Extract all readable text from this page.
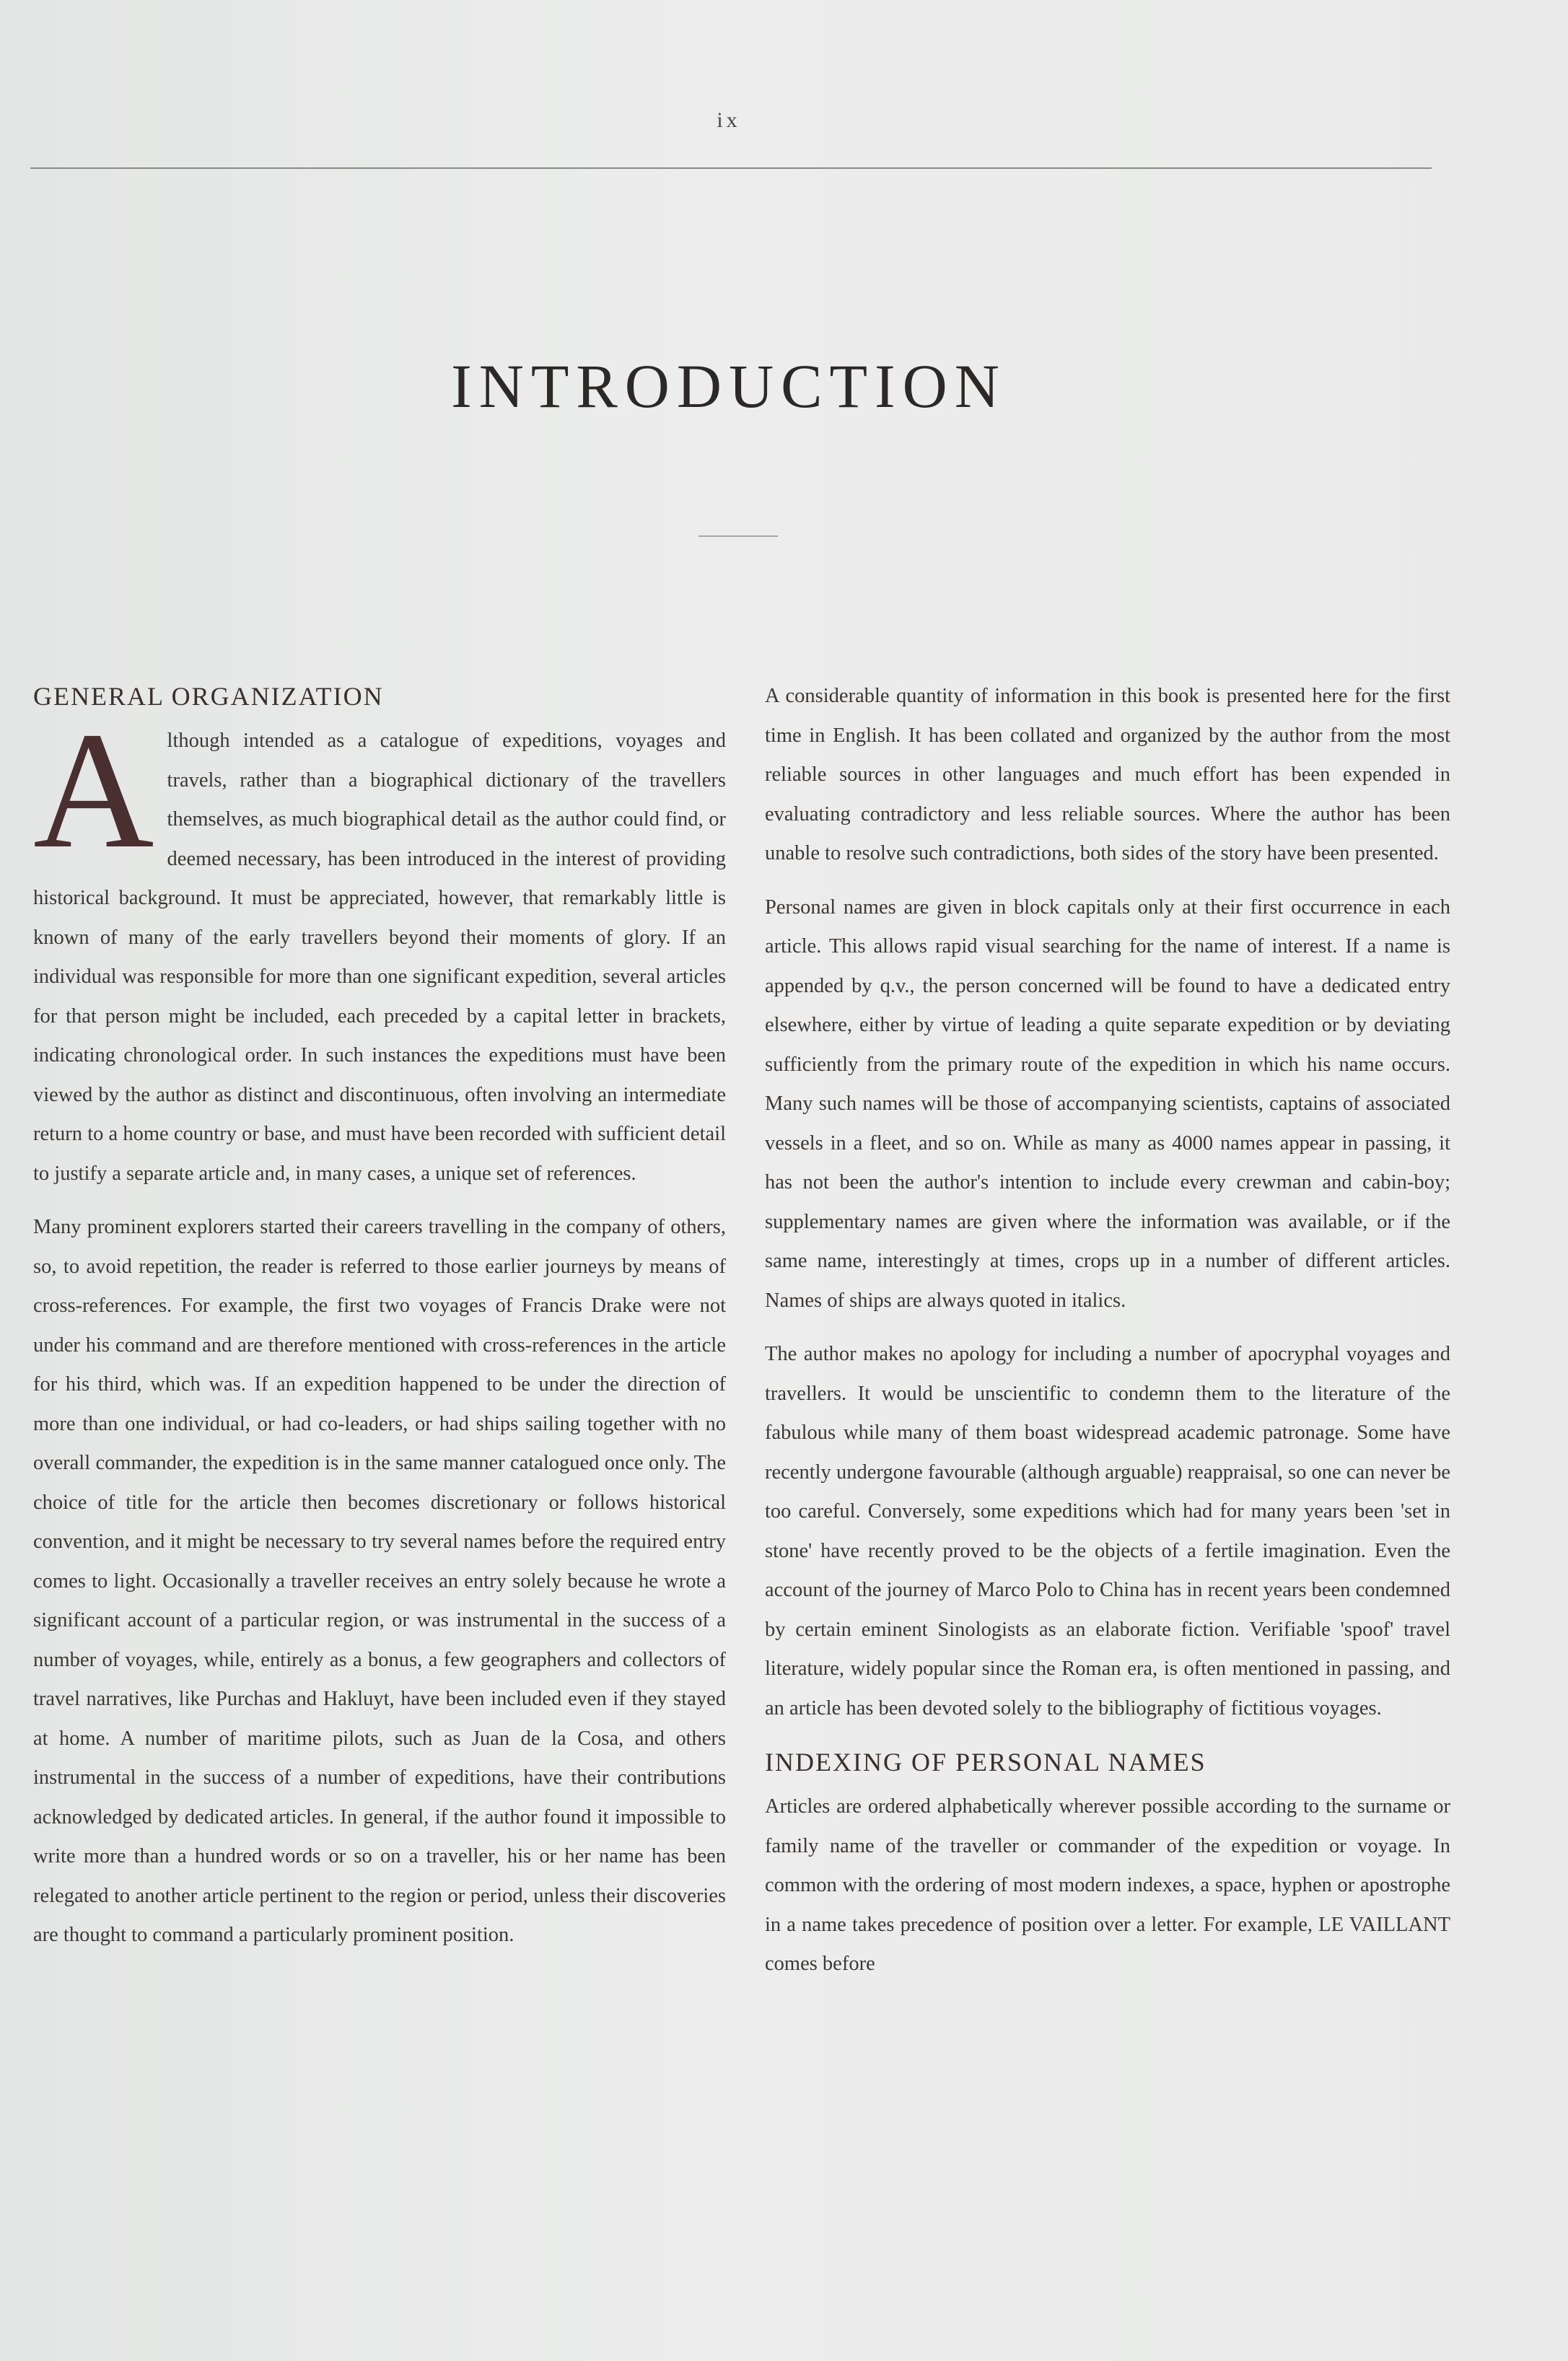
ix
INTRODUCTION
GENERAL ORGANIZATION

Although intended as a catalogue of expeditions, voyages and travels, rather than a biographical dictionary of the travellers themselves, as much biographical detail as the author could find, or deemed necessary, has been introduced in the interest of providing historical background. It must be appreciated, however, that remarkably little is known of many of the early travellers beyond their moments of glory. If an individual was responsible for more than one significant expedition, several articles for that person might be included, each preceded by a capital letter in brackets, indicating chronological order. In such instances the expeditions must have been viewed by the author as distinct and discontinuous, often involving an intermediate return to a home country or base, and must have been recorded with sufficient detail to justify a separate article and, in many cases, a unique set of references.

Many prominent explorers started their careers travelling in the company of others, so, to avoid repetition, the reader is referred to those earlier journeys by means of cross-references. For example, the first two voyages of Francis Drake were not under his command and are therefore mentioned with cross-references in the article for his third, which was. If an expedition happened to be under the direction of more than one individual, or had co-leaders, or had ships sailing together with no overall commander, the expedition is in the same manner catalogued once only. The choice of title for the article then becomes discretionary or follows historical convention, and it might be necessary to try several names before the required entry comes to light. Occasionally a traveller receives an entry solely because he wrote a significant account of a particular region, or was instrumental in the success of a number of voyages, while, entirely as a bonus, a few geographers and collectors of travel narratives, like Purchas and Hakluyt, have been included even if they stayed at home. A number of maritime pilots, such as Juan de la Cosa, and others instrumental in the success of a number of expeditions, have their contributions acknowledged by dedicated articles. In general, if the author found it impossible to write more than a hundred words or so on a traveller, his or her name has been relegated to another article pertinent to the region or period, unless their discoveries are thought to command a particularly prominent position.

A considerable quantity of information in this book is presented here for the first time in English. It has been collated and organized by the author from the most reliable sources in other languages and much effort has been expended in evaluating contradictory and less reliable sources. Where the author has been unable to resolve such contradictions, both sides of the story have been presented.

Personal names are given in block capitals only at their first occurrence in each article. This allows rapid visual searching for the name of interest. If a name is appended by q.v., the person concerned will be found to have a dedicated entry elsewhere, either by virtue of leading a quite separate expedition or by deviating sufficiently from the primary route of the expedition in which his name occurs. Many such names will be those of accompanying scientists, captains of associated vessels in a fleet, and so on. While as many as 4000 names appear in passing, it has not been the author's intention to include every crewman and cabin-boy; supplementary names are given where the information was available, or if the same name, interestingly at times, crops up in a number of different articles. Names of ships are always quoted in italics.

The author makes no apology for including a number of apocryphal voyages and travellers. It would be unscientific to condemn them to the literature of the fabulous while many of them boast widespread academic patronage. Some have recently undergone favourable (although arguable) reappraisal, so one can never be too careful. Conversely, some expeditions which had for many years been 'set in stone' have recently proved to be the objects of a fertile imagination. Even the account of the journey of Marco Polo to China has in recent years been condemned by certain eminent Sinologists as an elaborate fiction. Verifiable 'spoof' travel literature, widely popular since the Roman era, is often mentioned in passing, and an article has been devoted solely to the bibliography of fictitious voyages.

INDEXING OF PERSONAL NAMES

Articles are ordered alphabetically wherever possible according to the surname or family name of the traveller or commander of the expedition or voyage. In common with the ordering of most modern indexes, a space, hyphen or apostrophe in a name takes precedence of position over a letter. For example, LE VAILLANT comes before
